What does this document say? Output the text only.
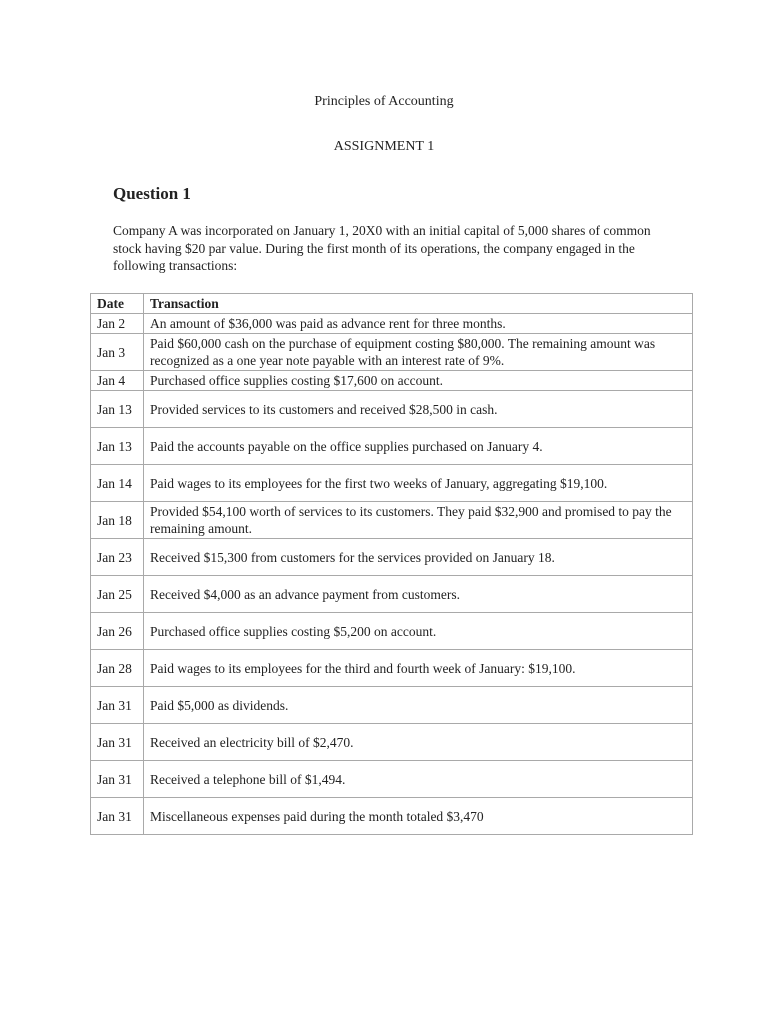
Principles of Accounting
ASSIGNMENT 1
Question 1
Company A was incorporated on January 1, 20X0 with an initial capital of 5,000 shares of common stock having $20 par value. During the first month of its operations, the company engaged in the following transactions:
Date	Transaction
Jan 2	An amount of $36,000 was paid as advance rent for three months.
Jan 3	Paid $60,000 cash on the purchase of equipment costing $80,000. The remaining amount was recognized as a one year note payable with an interest rate of 9%.
Jan 4	Purchased office supplies costing $17,600 on account.
Jan 13	Provided services to its customers and received $28,500 in cash.
Jan 13	Paid the accounts payable on the office supplies purchased on January 4.
Jan 14	Paid wages to its employees for the first two weeks of January, aggregating $19,100.
Jan 18	Provided $54,100 worth of services to its customers. They paid $32,900 and promised to pay the remaining amount.
Jan 23	Received $15,300 from customers for the services provided on January 18.
Jan 25	Received $4,000 as an advance payment from customers.
Jan 26	Purchased office supplies costing $5,200 on account.
Jan 28	Paid wages to its employees for the third and fourth week of January: $19,100.
Jan 31	Paid $5,000 as dividends.
Jan 31	Received an electricity bill of $2,470.
Jan 31	Received a telephone bill of $1,494.
Jan 31	Miscellaneous expenses paid during the month totaled $3,470
